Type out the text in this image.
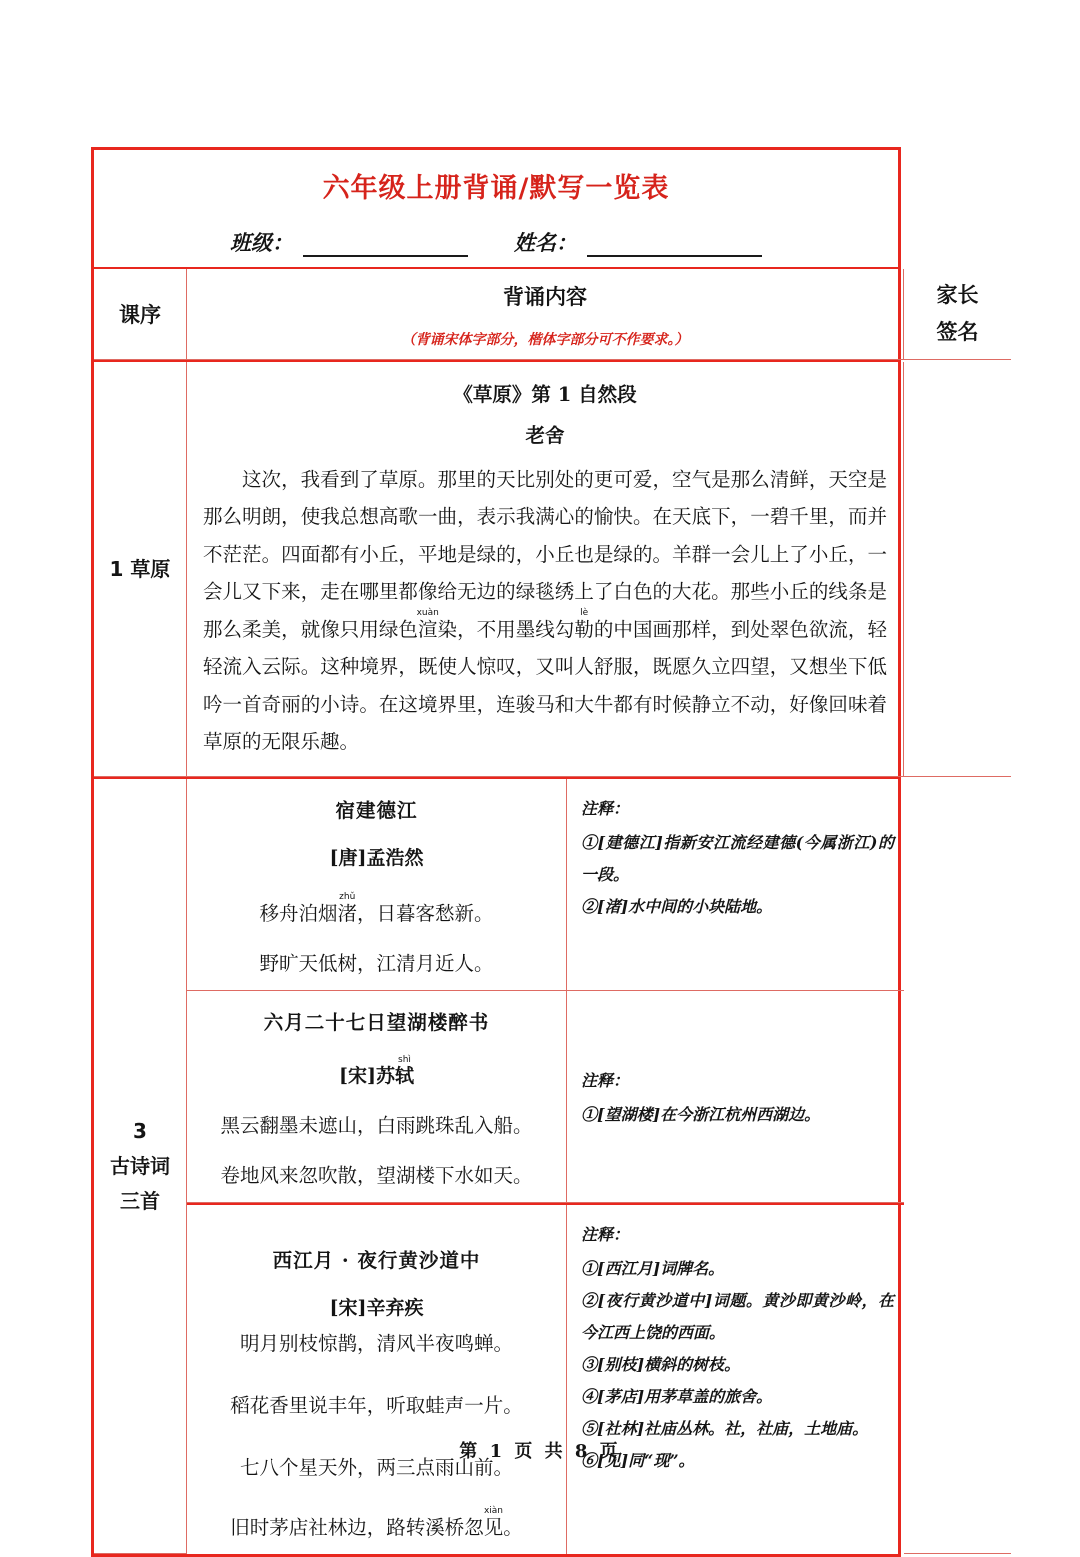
六年级上册背诵/默写一览表
班级：	姓名：
课序
背诵内容
（背诵宋体字部分，楷体字部分可不作要求。）
家长
签名
1 草原
《草原》第 1 自然段
老舍
这次，我看到了草原。那里的天比别处的更可爱，空气是那么清鲜，天空是那么明朗，使我总想高歌一曲，表示我满心的愉快。在天底下，一碧千里，而并不茫茫。四面都有小丘，平地是绿的，小丘也是绿的。羊群一会儿上了小丘，一会儿又下来，走在哪里都像给无边的绿毯绣上了白色的大花。那些小丘的线条是那么柔美，就像只用绿色渲xuàn染，不用墨线勾勒lè的中国画那样，到处翠色欲流，轻轻流入云际。这种境界，既使人惊叹，又叫人舒服，既愿久立四望，又想坐下低吟一首奇丽的小诗。在这境界里，连骏马和大牛都有时候静立不动，好像回味着草原的无限乐趣。
3
古诗词
三首
宿建德江
[唐]孟浩然
移舟泊烟渚zhǔ，日暮客愁新。
野旷天低树，江清月近人。
注释：
①[建德江]指新安江流经建德(今属浙江)的一段。
②[渚]水中间的小块陆地。
六月二十七日望湖楼醉书
[宋]苏轼shì
黑云翻墨未遮山，白雨跳珠乱入船。
卷地风来忽吹散，望湖楼下水如天。
注释：
①[望湖楼]在今浙江杭州西湖边。
西江月 · 夜行黄沙道中
[宋]辛弃疾
明月别枝惊鹊，清风半夜鸣蝉。
稻花香里说丰年，听取蛙声一片。
七八个星天外，两三点雨山前。
旧时茅店社林边，路转溪桥忽见xiàn。
注释：
①[西江月]词牌名。
②[夜行黄沙道中]词题。黄沙即黄沙岭，在今江西上饶的西面。
③[别枝]横斜的树枝。
④[茅店]用茅草盖的旅舍。
⑤[社林]社庙丛林。社，社庙，土地庙。
⑥[见]同“现”。
第 1 页 共 8 页
